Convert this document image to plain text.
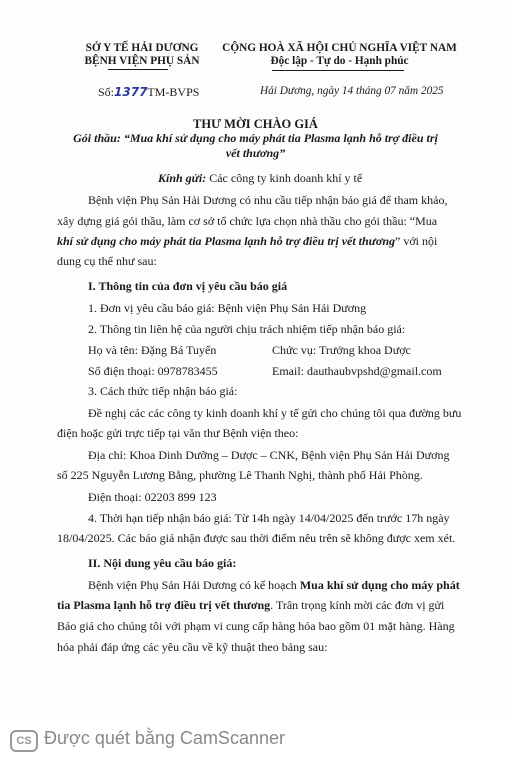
SỞ Y TẾ HẢI DƯƠNG
BỆNH VIỆN PHỤ SẢN
CỘNG HOÀ XÃ HỘI CHỦ NGHĨA VIỆT NAM
Độc lập - Tự do - Hạnh phúc
Số:1377TM-BVPS	Hải Dương, ngày 14 tháng 07 năm 2025
THƯ MỜI CHÀO GIÁ
Gói thầu: “Mua khí sử dụng cho máy phát tia Plasma lạnh hỗ trợ điều trị
vết thương”
Kính gửi: Các công ty kinh doanh khí y tế
Bệnh viện Phụ Sản Hải Dương có nhu cầu tiếp nhận báo giá để tham khảo,
xây dựng giá gói thầu, làm cơ sở tổ chức lựa chọn nhà thầu cho gói thầu: “Mua
khí sử dụng cho máy phát tia Plasma lạnh hỗ trợ điều trị vết thương” với nội
dung cụ thể như sau:
I. Thông tin của đơn vị yêu cầu báo giá
1. Đơn vị yêu cầu báo giá: Bệnh viện Phụ Sản Hải Dương
2. Thông tin liên hệ của người chịu trách nhiệm tiếp nhận báo giá:
Họ và tên: Đặng Bá Tuyển	Chức vụ: Trưởng khoa Dược
Số điện thoại: 0978783455	Email: dauthaubvpshd@gmail.com
3. Cách thức tiếp nhận báo giá:
Đề nghị các các công ty kinh doanh khí y tế gửi cho chúng tôi qua đường bưu
điện hoặc gửi trực tiếp tại văn thư Bệnh viện theo:
Địa chỉ: Khoa Dinh Dưỡng – Dược – CNK, Bệnh viện Phụ Sản Hải Dương
số 225 Nguyễn Lương Bằng, phường Lê Thanh Nghị, thành phố Hải Phòng.
Điện thoại: 02203 899 123
4. Thời hạn tiếp nhận báo giá: Từ 14h ngày 14/04/2025 đến trước 17h ngày
18/04/2025. Các báo giá nhận được sau thời điểm nêu trên sẽ không được xem xét.
II. Nội dung yêu cầu báo giá:
Bệnh viện Phụ Sản Hải Dương có kế hoạch Mua khí sử dụng cho máy phát
tia Plasma lạnh hỗ trợ điều trị vết thương. Trân trọng kính mời các đơn vị gửi
Báo giá cho chúng tôi với phạm vi cung cấp hàng hóa bao gồm 01 mặt hàng. Hàng
hóa phải đáp ứng các yêu cầu về kỹ thuật theo bảng sau:
CS Được quét bằng CamScanner
